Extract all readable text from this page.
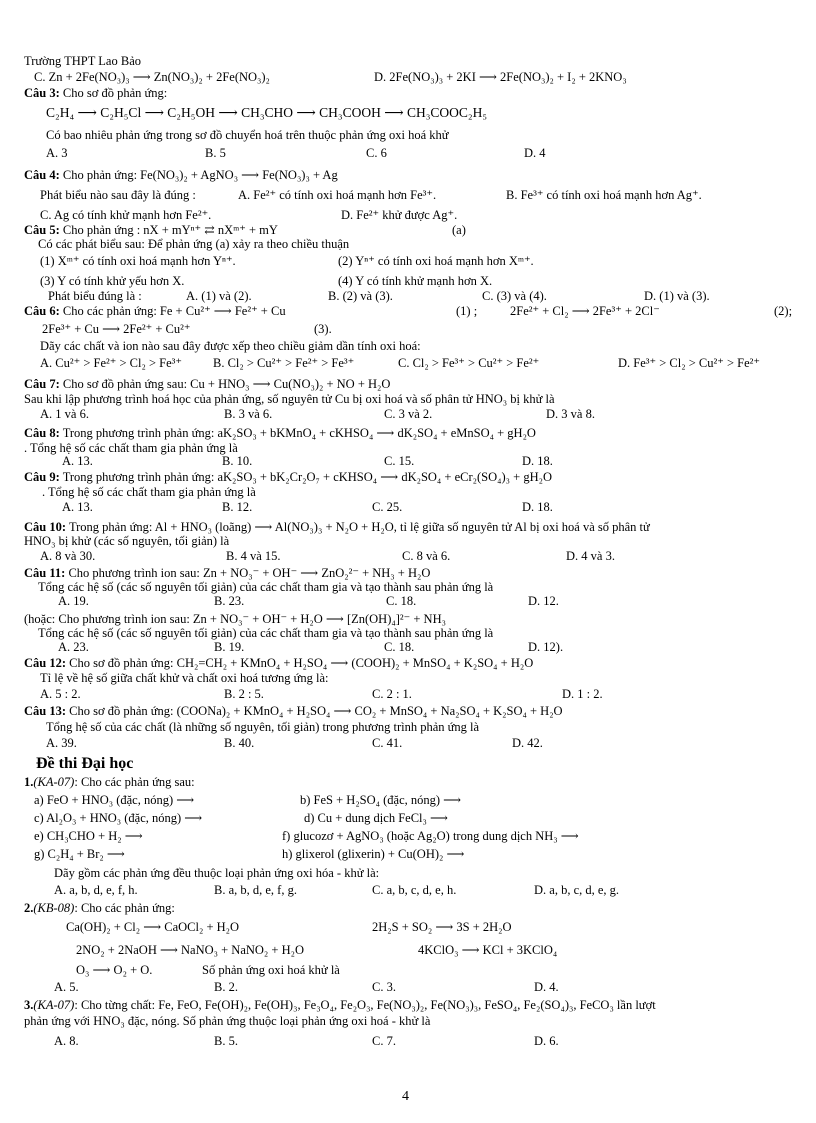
Trường THPT Lao Bảo
C. Zn + 2Fe(NO₃)₃ ⟶ Zn(NO₃)₂ + 2Fe(NO₃)₂	D. 2Fe(NO₃)₃ + 2KI ⟶ 2Fe(NO₃)₂ + I₂ + 2KNO₃
Câu 3: Cho sơ đồ phản ứng:
C₂H₄ ⟶ C₂H₅Cl ⟶ C₂H₅OH ⟶ CH₃CHO ⟶ CH₃COOH ⟶ CH₃COOC₂H₅
Có bao nhiêu phản ứng trong sơ đồ chuyển hoá trên thuộc phản ứng oxi hoá khử
A. 3	B. 5	C. 6	D. 4
Câu 4: Cho phản ứng: Fe(NO₃)₂ + AgNO₃ ⟶ Fe(NO₃)₃ + Ag
Phát biểu nào sau đây là đúng :	A. Fe²⁺ có tính oxi hoá mạnh hơn Fe³⁺.	B. Fe³⁺ có tính oxi hoá mạnh hơn Ag⁺.
C. Ag có tính khử mạnh hơn Fe²⁺.	D. Fe²⁺ khử được Ag⁺.
Câu 5: Cho phản ứng : nX + mYⁿ⁺ ⇄ nXᵐ⁺ + mY	(a)
Có các phát biểu sau: Để phản ứng (a) xảy ra theo chiều thuận
(1) Xᵐ⁺ có tính oxi hoá mạnh hơn Yⁿ⁺.	(2) Yⁿ⁺ có tính oxi hoá mạnh hơn Xᵐ⁺.
(3) Y có tính khử yếu hơn X.	(4) Y có tính khử mạnh hơn X.
Phát biểu đúng là :	A. (1) và (2).	B. (2) và (3).	C. (3) và (4).	D. (1) và (3).
Câu 6: Cho các phản ứng: Fe + Cu²⁺ ⟶ Fe²⁺ + Cu	(1) ;	2Fe²⁺ + Cl₂ ⟶ 2Fe³⁺ + 2Cl⁻	(2);
2Fe³⁺ + Cu ⟶ 2Fe²⁺ + Cu²⁺	(3).
Dãy các chất và ion nào sau đây được xếp theo chiều giảm dần tính oxi hoá:
A. Cu²⁺ > Fe²⁺ > Cl₂ > Fe³⁺ B. Cl₂ > Cu²⁺ > Fe²⁺ > Fe³⁺	C. Cl₂ > Fe³⁺ > Cu²⁺ > Fe²⁺	D. Fe³⁺ > Cl₂ > Cu²⁺ > Fe²⁺
Câu 7: Cho sơ đồ phản ứng sau: Cu + HNO₃ ⟶ Cu(NO₃)₂ + NO + H₂O
Sau khi lập phương trình hoá học của phản ứng, số nguyên tử Cu bị oxi hoá và số phân tử HNO₃ bị khử là
A. 1 và 6.	B. 3 và 6.	C. 3 và 2.	D. 3 và 8.
Câu 8: Trong phương trình phản ứng: aK₂SO₃ + bKMnO₄ + cKHSO₄ ⟶ dK₂SO₄ + eMnSO₄ + gH₂O
. Tổng hệ số các chất tham gia phản ứng là
A. 13.	B. 10.	C. 15.	D. 18.
Câu 9: Trong phương trình phản ứng: aK₂SO₃ + bK₂Cr₂O₇ + cKHSO₄ ⟶ dK₂SO₄ + eCr₂(SO₄)₃ + gH₂O
. Tổng hệ số các chất tham gia phản ứng là
A. 13.	B. 12.	C. 25.	D. 18.
Câu 10: Trong phản ứng: Al + HNO₃ (loãng) ⟶ Al(NO₃)₃ + N₂O + H₂O, tỉ lệ giữa số nguyên tử Al bị oxi hoá và số phân tử
HNO₃ bị khử (các số nguyên, tối giản) là
A. 8 và 30.	B. 4 và 15.	C. 8 và 6.	D. 4 và 3.
Câu 11: Cho phương trình ion sau: Zn + NO₃⁻ + OH⁻ ⟶ ZnO₂²⁻ + NH₃ + H₂O
Tổng các hệ số (các số nguyên tối giản) của các chất tham gia và tạo thành sau phản ứng là
A. 19.	B. 23.	C. 18.	D. 12.
(hoặc: Cho phương trình ion sau: Zn + NO₃⁻ + OH⁻ + H₂O ⟶ [Zn(OH)₄]²⁻ + NH₃
Tổng các hệ số (các số nguyên tối giản) của các chất tham gia và tạo thành sau phản ứng là
A. 23.	B. 19.	C. 18.	D. 12).
Câu 12: Cho sơ đồ phản ứng: CH₂=CH₂ + KMnO₄ + H₂SO₄ ⟶ (COOH)₂ + MnSO₄ + K₂SO₄ + H₂O
Tỉ lệ về hệ số giữa chất khử và chất oxi hoá tương ứng là:
A. 5 : 2.	B. 2 : 5.	C. 2 : 1.	D. 1 : 2.
Câu 13: Cho sơ đồ phản ứng: (COONa)₂ + KMnO₄ + H₂SO₄ ⟶ CO₂ + MnSO₄ + Na₂SO₄ + K₂SO₄ + H₂O
Tổng hệ số của các chất (là những số nguyên, tối giản) trong phương trình phản ứng là
A. 39.	B. 40.	C. 41.	D. 42.
Đề thi Đại học
1.(KA-07): Cho các phản ứng sau:
a) FeO + HNO₃ (đặc, nóng) ⟶	b) FeS + H₂SO₄ (đặc, nóng) ⟶
c) Al₂O₃ + HNO₃ (đặc, nóng) ⟶	d) Cu + dung dịch FeCl₃ ⟶
e) CH₃CHO + H₂ ⟶	f) glucozơ + AgNO₃ (hoặc Ag₂O) trong dung dịch NH₃ ⟶
g) C₂H₄ + Br₂ ⟶	h) glixerol (glixerin) + Cu(OH)₂ ⟶
Dãy gồm các phản ứng đều thuộc loại phản ứng oxi hóa - khử là:
A. a, b, d, e, f, h.	B. a, b, d, e, f, g.	C. a, b, c, d, e, h.	D. a, b, c, d, e, g.
2.(KB-08): Cho các phản ứng:
Ca(OH)₂ + Cl₂ ⟶ CaOCl₂ + H₂O	2H₂S + SO₂ ⟶ 3S + 2H₂O
2NO₂ + 2NaOH ⟶ NaNO₃ + NaNO₂ + H₂O	4KClO₃ ⟶ KCl + 3KClO₄
O₃ ⟶ O₂ + O.	Số phản ứng oxi hoá khử là
A. 5.	B. 2.	C. 3.	D. 4.
3.(KA-07): Cho từng chất: Fe, FeO, Fe(OH)₂, Fe(OH)₃, Fe₃O₄, Fe₂O₃, Fe(NO₃)₂, Fe(NO₃)₃, FeSO₄, Fe₂(SO₄)₃, FeCO₃ lần lượt
phản ứng với HNO₃ đặc, nóng. Số phản ứng thuộc loại phản ứng oxi hoá - khử là
A. 8.	B. 5.	C. 7.	D. 6.
4
